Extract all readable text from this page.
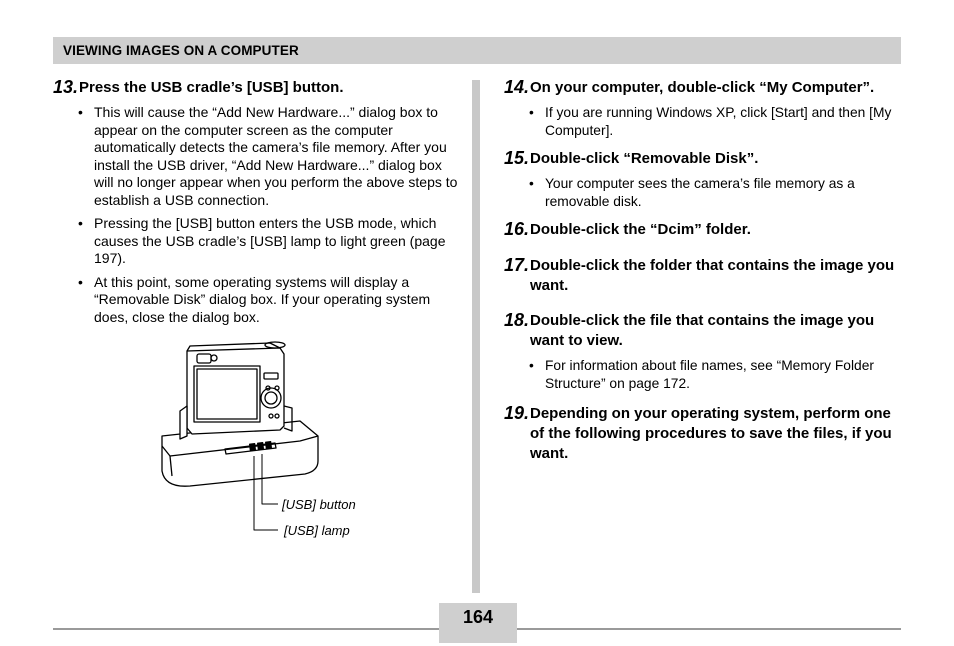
VIEWING IMAGES ON A COMPUTER
13. Press the USB cradle’s [USB] button.
• This will cause the “Add New Hardware...” dialog box to appear on the computer screen as the computer automatically detects the camera’s file memory. After you install the USB driver, “Add New Hardware...” dialog box will no longer appear when you perform the above steps to establish a USB connection.
• Pressing the [USB] button enters the USB mode, which causes the USB cradle’s [USB] lamp to light green (page 197).
• At this point, some operating systems will display a “Removable Disk” dialog box. If your operating system does, close the dialog box.
[USB] button
[USB] lamp
14. On your computer, double-click “My Computer”.
• If you are running Windows XP, click [Start] and then [My Computer].
15. Double-click “Removable Disk”.
• Your computer sees the camera’s file memory as a removable disk.
16. Double-click the “Dcim” folder.
17. Double-click the folder that contains the image you want.
18. Double-click the file that contains the image you want to view.
• For information about file names, see “Memory Folder Structure” on page 172.
19. Depending on your operating system, perform one of the following procedures to save the files, if you want.
164
